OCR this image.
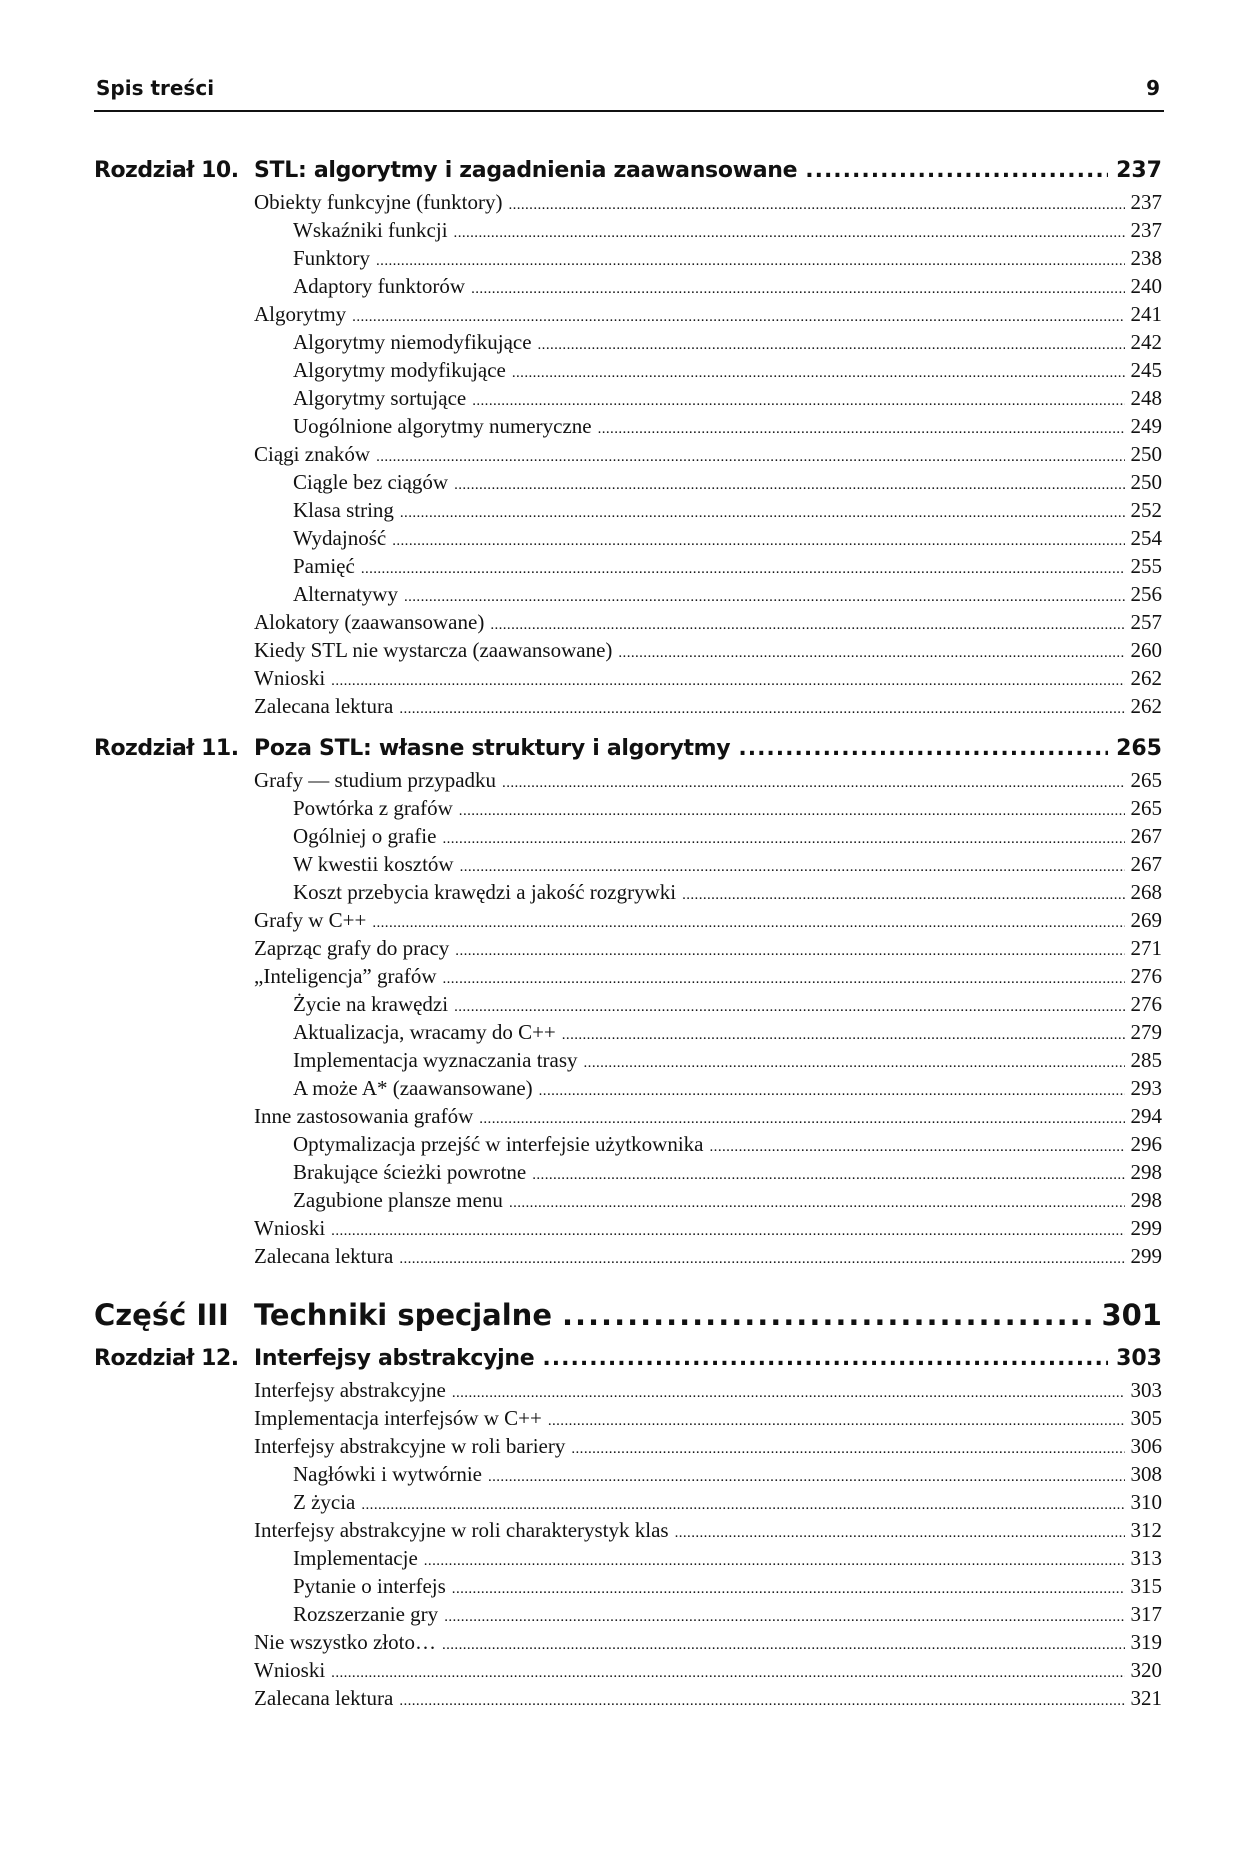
Spis treści	9
Rozdział 10. STL: algorytmy i zagadnienia zaawansowane .....	237
Obiekty funkcyjne (funktory) .....	237
Wskaźniki funkcji .....	237
Funktory .....	238
Adaptory funktorów .....	240
Algorytmy .....	241
Algorytmy niemodyfikujące .....	242
Algorytmy modyfikujące .....	245
Algorytmy sortujące .....	248
Uogólnione algorytmy numeryczne .....	249
Ciągi znaków .....	250
Ciągle bez ciągów .....	250
Klasa string .....	252
Wydajność .....	254
Pamięć .....	255
Alternatywy .....	256
Alokatory (zaawansowane) .....	257
Kiedy STL nie wystarcza (zaawansowane) .....	260
Wnioski .....	262
Zalecana lektura .....	262
Rozdział 11. Poza STL: własne struktury i algorytmy .....	265
Grafy — studium przypadku .....	265
Powtórka z grafów .....	265
Ogólniej o grafie .....	267
W kwestii kosztów .....	267
Koszt przebycia krawędzi a jakość rozgrywki .....	268
Grafy w C++ .....	269
Zaprząc grafy do pracy .....	271
„Inteligencja” grafów .....	276
Życie na krawędzi .....	276
Aktualizacja, wracamy do C++ .....	279
Implementacja wyznaczania trasy .....	285
A może A* (zaawansowane) .....	293
Inne zastosowania grafów .....	294
Optymalizacja przejść w interfejsie użytkownika .....	296
Brakujące ścieżki powrotne .....	298
Zagubione plansze menu .....	298
Wnioski .....	299
Zalecana lektura .....	299
Część III Techniki specjalne .....	301
Rozdział 12. Interfejsy abstrakcyjne .....	303
Interfejsy abstrakcyjne .....	303
Implementacja interfejsów w C++ .....	305
Interfejsy abstrakcyjne w roli bariery .....	306
Nagłówki i wytwórnie .....	308
Z życia .....	310
Interfejsy abstrakcyjne w roli charakterystyk klas .....	312
Implementacje .....	313
Pytanie o interfejs .....	315
Rozszerzanie gry .....	317
Nie wszystko złoto… .....	319
Wnioski .....	320
Zalecana lektura .....	321
